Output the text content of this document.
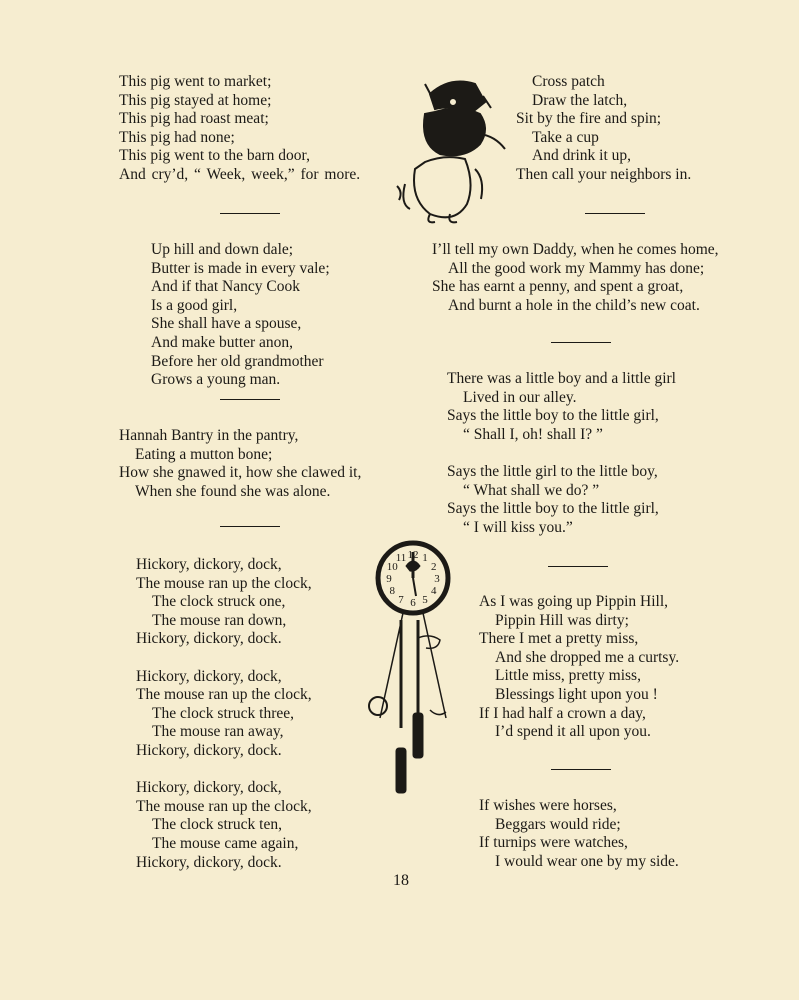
This pig went to market;
This pig stayed at home;
This pig had roast meat;
This pig had none;
This pig went to the barn door,
And cry’d, “ Week, week,” for more.
Cross patch
Draw the latch,
Sit by the fire and spin;
Take a cup
And drink it up,
Then call your neighbors in.
Up hill and down dale;
Butter is made in every vale;
And if that Nancy Cook
Is a good girl,
She shall have a spouse,
And make butter anon,
Before her old grandmother
Grows a young man.
I’ll tell my own Daddy, when he comes home,
All the good work my Mammy has done;
She has earnt a penny, and spent a groat,
And burnt a hole in the child’s new coat.
There was a little boy and a little girl
Lived in our alley.
Says the little boy to the little girl,
“ Shall I, oh! shall I? ”

Says the little girl to the little boy,
“ What shall we do? ”
Says the little boy to the little girl,
“ I will kiss you.”
Hannah Bantry in the pantry,
Eating a mutton bone;
How she gnawed it, how she clawed it,
When she found she was alone.
Hickory, dickory, dock,
The mouse ran up the clock,
The clock struck one,
The mouse ran down,
Hickory, dickory, dock.

Hickory, dickory, dock,
The mouse ran up the clock,
The clock struck three,
The mouse ran away,
Hickory, dickory, dock.

Hickory, dickory, dock,
The mouse ran up the clock,
The clock struck ten,
The mouse came again,
Hickory, dickory, dock.
12 1
2
3
4
5
6
7
8
9
10
11
As I was going up Pippin Hill,
Pippin Hill was dirty;
There I met a pretty miss,
And she dropped me a curtsy.
Little miss, pretty miss,
Blessings light upon you !
If I had half a crown a day,
I’d spend it all upon you.
If wishes were horses,
Beggars would ride;
If turnips were watches,
I would wear one by my side.
18
